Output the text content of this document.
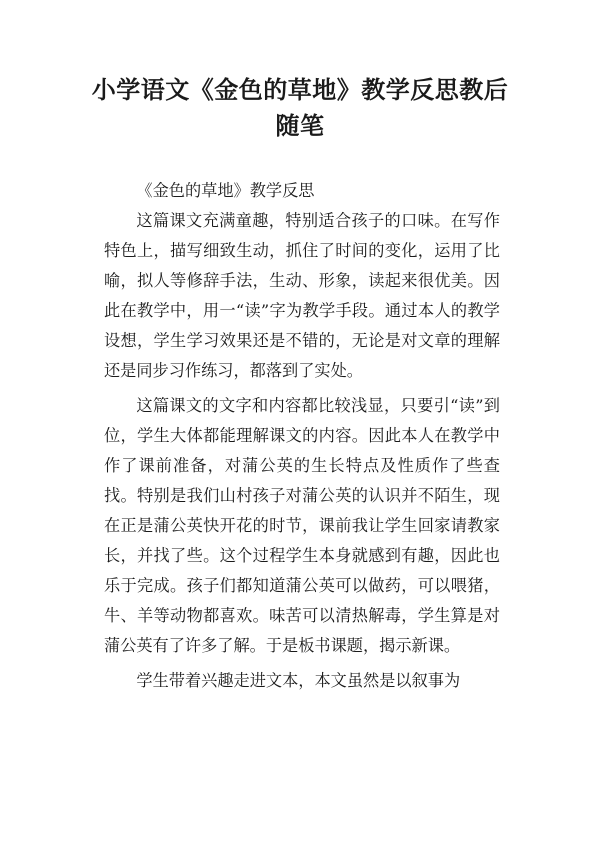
小学语文《金色的草地》教学反思教后随笔

《金色的草地》教学反思

这篇课文充满童趣，特别适合孩子的口味。在写作特色上，描写细致生动，抓住了时间的变化，运用了比喻，拟人等修辞手法，生动、形象，读起来很优美。因此在教学中，用一“读”字为教学手段。通过本人的教学设想，学生学习效果还是不错的，无论是对文章的理解还是同步习作练习，都落到了实处。

这篇课文的文字和内容都比较浅显，只要引“读”到位，学生大体都能理解课文的内容。因此本人在教学中作了课前准备，对蒲公英的生长特点及性质作了些查找。特别是我们山村孩子对蒲公英的认识并不陌生，现在正是蒲公英快开花的时节，课前我让学生回家请教家长，并找了些。这个过程学生本身就感到有趣，因此也乐于完成。孩子们都知道蒲公英可以做药，可以喂猪，牛、羊等动物都喜欢。味苦可以清热解毒，学生算是对蒲公英有了许多了解。于是板书课题，揭示新课。

学生带着兴趣走进文本，本文虽然是以叙事为
